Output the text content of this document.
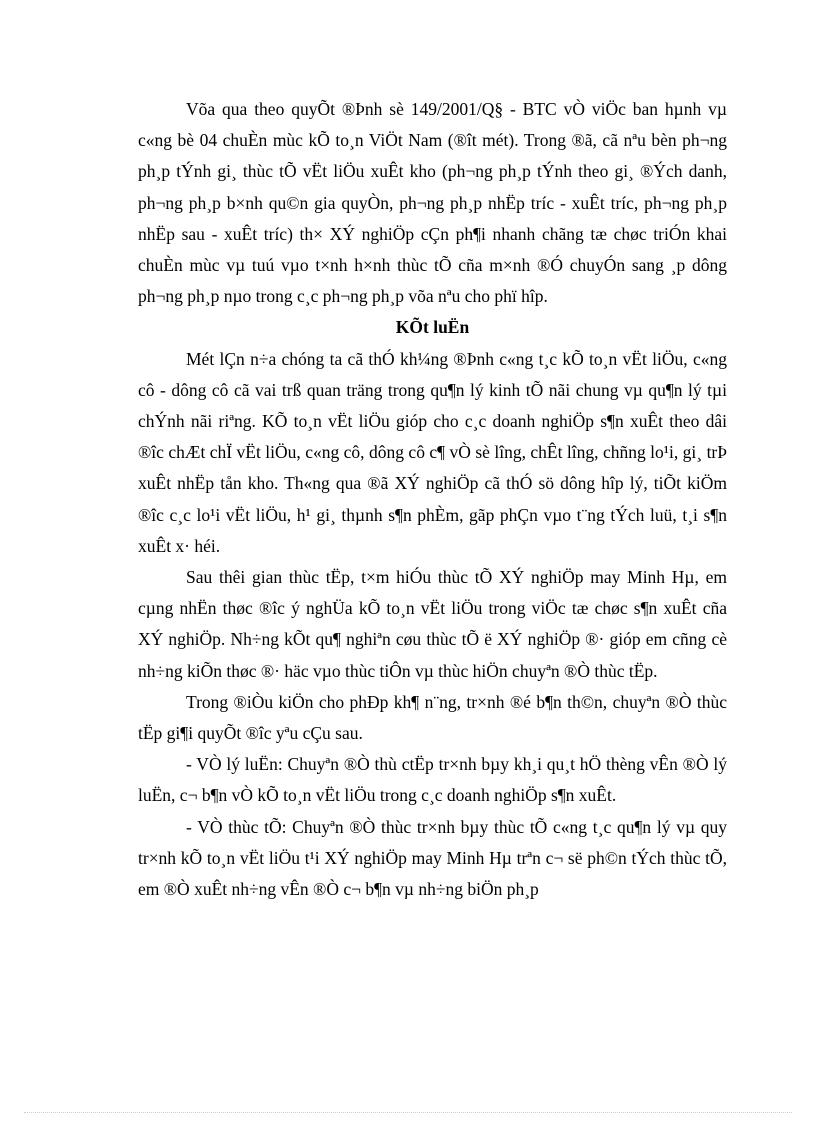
Võa qua theo quyÕt ®Þnh sè 149/2001/Q§ - BTC vÒ viÖc ban hµnh vµ c«ng bè 04 chuÈn mùc kÕ to¸n ViÖt Nam (®ît mét). Trong ®ã, cã nªu bèn ph¬ng ph¸p tÝnh gi¸ thùc tÕ vËt liÖu xuÊt kho (ph¬ng ph¸p tÝnh theo gi¸ ®Ých danh, ph¬ng ph¸p b×nh qu©n gia quyÒn, ph¬ng ph¸p nhËp tríc - xuÊt tríc, ph¬ng ph¸p nhËp sau - xuÊt tríc) th× XÝ nghiÖp cÇn ph¶i nhanh chãng tæ chøc triÓn khai chuÈn mùc vµ tuú vµo t×nh h×nh thùc tÕ cña m×nh ®Ó chuyÓn sang ¸p dông ph¬ng ph¸p nµo trong c¸c ph¬ng ph¸p võa nªu cho phï hîp.

KÕt luËn

Mét lÇn n÷a chóng ta cã thÓ kh¼ng ®Þnh c«ng t¸c kÕ to¸n vËt liÖu, c«ng cô - dông cô cã vai trß quan träng trong qu¶n lý kinh tÕ nãi chung vµ qu¶n lý tµi chÝnh nãi riªng. KÕ to¸n vËt liÖu gióp cho c¸c doanh nghiÖp s¶n xuÊt theo dâi ®îc chÆt chÏ vËt liÖu, c«ng cô, dông cô c¶ vÒ sè lîng, chÊt lîng, chñng lo¹i, gi¸ trÞ xuÊt nhËp tån kho. Th«ng qua ®ã XÝ nghiÖp cã thÓ sö dông hîp lý, tiÕt kiÖm ®îc c¸c lo¹i vËt liÖu, h¹ gi¸ thµnh s¶n phÈm, gãp phÇn vµo t¨ng tÝch luü, t¸i s¶n xuÊt x· héi.

Sau thêi gian thùc tËp, t×m hiÓu thùc tÕ XÝ nghiÖp may Minh Hµ, em cµng nhËn thøc ®îc ý nghÜa kÕ to¸n vËt liÖu trong viÖc tæ chøc s¶n xuÊt cña XÝ nghiÖp. Nh÷ng kÕt qu¶ nghiªn cøu thùc tÕ ë XÝ nghiÖp ®· gióp em cñng cè nh÷ng kiÕn thøc ®· häc vµo thùc tiÔn vµ thùc hiÖn chuyªn ®Ò thùc tËp.

Trong ®iÒu kiÖn cho phÐp kh¶ n¨ng, tr×nh ®é b¶n th©n, chuyªn ®Ò thùc tËp gi¶i quyÕt ®îc yªu cÇu sau.

- VÒ lý luËn: Chuyªn ®Ò thù ctËp tr×nh bµy kh¸i qu¸t hÖ thèng vÊn ®Ò lý luËn, c¬ b¶n vÒ kÕ to¸n vËt liÖu trong c¸c doanh nghiÖp s¶n xuÊt.

- VÒ thùc tÕ: Chuyªn ®Ò thùc tr×nh bµy thùc tÕ c«ng t¸c qu¶n lý vµ quy tr×nh kÕ to¸n vËt liÖu t¹i XÝ nghiÖp may Minh Hµ trªn c¬ së ph©n tÝch thùc tÕ, em ®Ò xuÊt nh÷ng vÊn ®Ò c¬ b¶n vµ nh÷ng biÖn ph¸p
